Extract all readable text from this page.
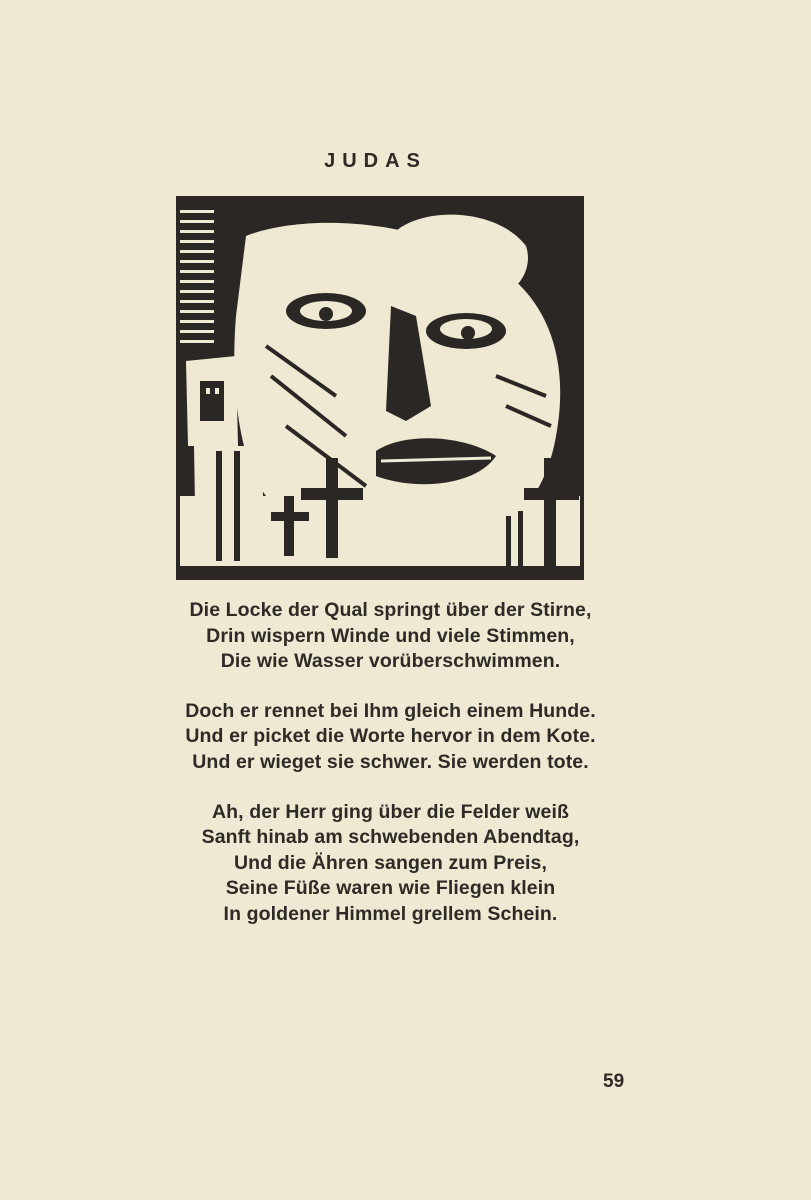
JUDAS
Die Locke der Qual springt über der Stirne,
Drin wispern Winde und viele Stimmen,
Die wie Wasser vorüberschwimmen.
Doch er rennet bei Ihm gleich einem Hunde.
Und er picket die Worte hervor in dem Kote.
Und er wieget sie schwer. Sie werden tote.
Ah, der Herr ging über die Felder weiß
Sanft hinab am schwebenden Abendtag,
Und die Ähren sangen zum Preis,
Seine Füße waren wie Fliegen klein
In goldener Himmel grellem Schein.
59
